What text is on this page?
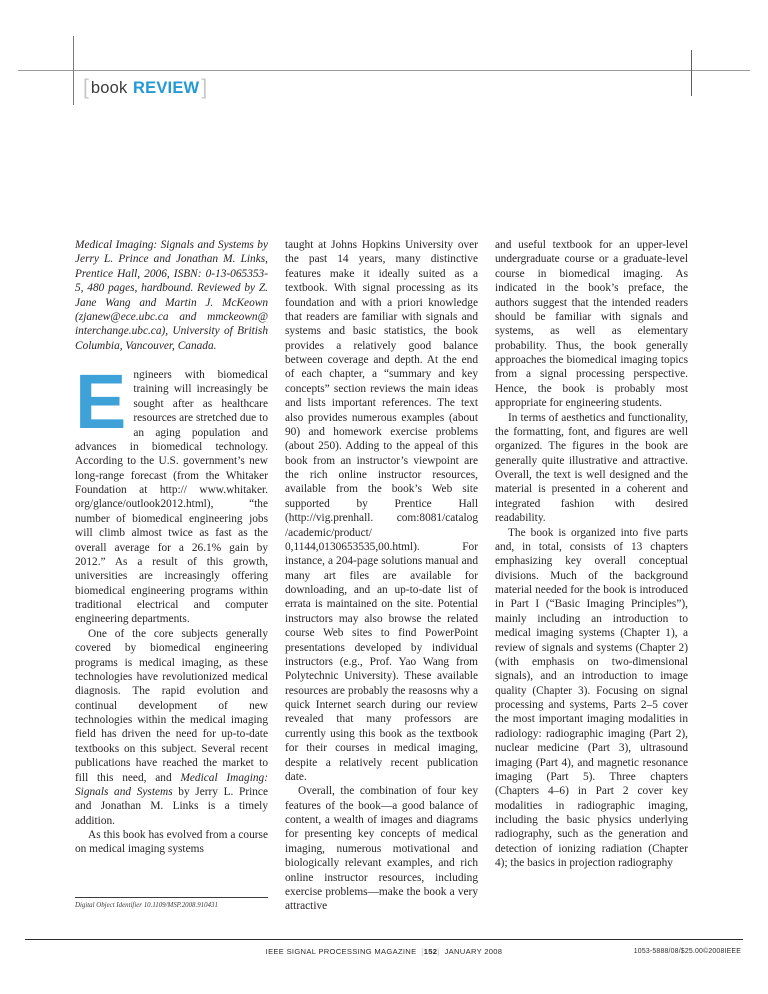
[ book REVIEW]

Medical Imaging: Signals and Systems by Jerry L. Prince and Jonathan M. Links, Prentice Hall, 2006, ISBN: 0-13-065353-5, 480 pages, hardbound. Reviewed by Z. Jane Wang and Martin J. McKeown (zjanew@ece.ubc.ca and mmckeown@ interchange.ubc.ca), University of British Columbia, Vancouver, Canada.

Engineers with biomedical training will increasingly be sought after as healthcare resources are stretched due to an aging population and advances in biomedical technology. According to the U.S. government’s new long-range forecast (from the Whitaker Foundation at http:// www.whitaker. org/glance/outlook2012.html), “the number of biomedical engineering jobs will climb almost twice as fast as the overall average for a 26.1% gain by 2012.” As a result of this growth, universities are increasingly offering biomedical engineering programs within traditional electrical and computer engineering departments.

One of the core subjects generally covered by biomedical engineering programs is medical imaging, as these technologies have revolutionized medical diagnosis. The rapid evolution and continual development of new technologies within the medical imaging field has driven the need for up-to-date textbooks on this subject. Several recent publications have reached the market to fill this need, and Medical Imaging: Signals and Systems by Jerry L. Prince and Jonathan M. Links is a timely addition.

As this book has evolved from a course on medical imaging systems

Digital Object Identifier 10.1109/MSP.2008.910431

taught at Johns Hopkins University over the past 14 years, many distinctive features make it ideally suited as a textbook. With signal processing as its foundation and with a priori knowledge that readers are familiar with signals and systems and basic statistics, the book provides a relatively good balance between coverage and depth. At the end of each chapter, a “summary and key concepts” section reviews the main ideas and lists important references. The text also provides numerous examples (about 90) and homework exercise problems (about 250). Adding to the appeal of this book from an instructor’s viewpoint are the rich online instructor resources, available from the book’s Web site supported by Prentice Hall (http://vig.prenhall. com:8081/catalog /academic/product/ 0,1144,0130653535,00.html). For instance, a 204-page solutions manual and many art files are available for downloading, and an up-to-date list of errata is maintained on the site. Potential instructors may also browse the related course Web sites to find PowerPoint presentations developed by individual instructors (e.g., Prof. Yao Wang from Polytechnic University). These available resources are probably the reasosns why a quick Internet search during our review revealed that many professors are currently using this book as the textbook for their courses in medical imaging, despite a relatively recent publication date.

Overall, the combination of four key features of the book—a good balance of content, a wealth of images and diagrams for presenting key concepts of medical imaging, numerous motivational and biologically relevant examples, and rich online instructor resources, including exercise problems—make the book a very attractive

and useful textbook for an upper-level undergraduate course or a graduate-level course in biomedical imaging. As indicated in the book’s preface, the authors suggest that the intended readers should be familiar with signals and systems, as well as elementary probability. Thus, the book generally approaches the biomedical imaging topics from a signal processing perspective. Hence, the book is probably most appropriate for engineering students.

In terms of aesthetics and functionality, the formatting, font, and figures are well organized. The figures in the book are generally quite illustrative and attractive. Overall, the text is well designed and the material is presented in a coherent and integrated fashion with desired readability.

The book is organized into five parts and, in total, consists of 13 chapters emphasizing key overall conceptual divisions. Much of the background material needed for the book is introduced in Part I (“Basic Imaging Principles”), mainly including an introduction to medical imaging systems (Chapter 1), a review of signals and systems (Chapter 2) (with emphasis on two-dimensional signals), and an introduction to image quality (Chapter 3). Focusing on signal processing and systems, Parts 2–5 cover the most important imaging modalities in radiology: radiographic imaging (Part 2), nuclear medicine (Part 3), ultrasound imaging (Part 4), and magnetic resonance imaging (Part 5). Three chapters (Chapters 4–6) in Part 2 cover key modalities in radiographic imaging, including the basic physics underlying radiography, such as the generation and detection of ionizing radiation (Chapter 4); the basics in projection radiography

IEEE SIGNAL PROCESSING MAGAZINE [152] JANUARY 2008	1053-5888/08/$25.00©2008IEEE
